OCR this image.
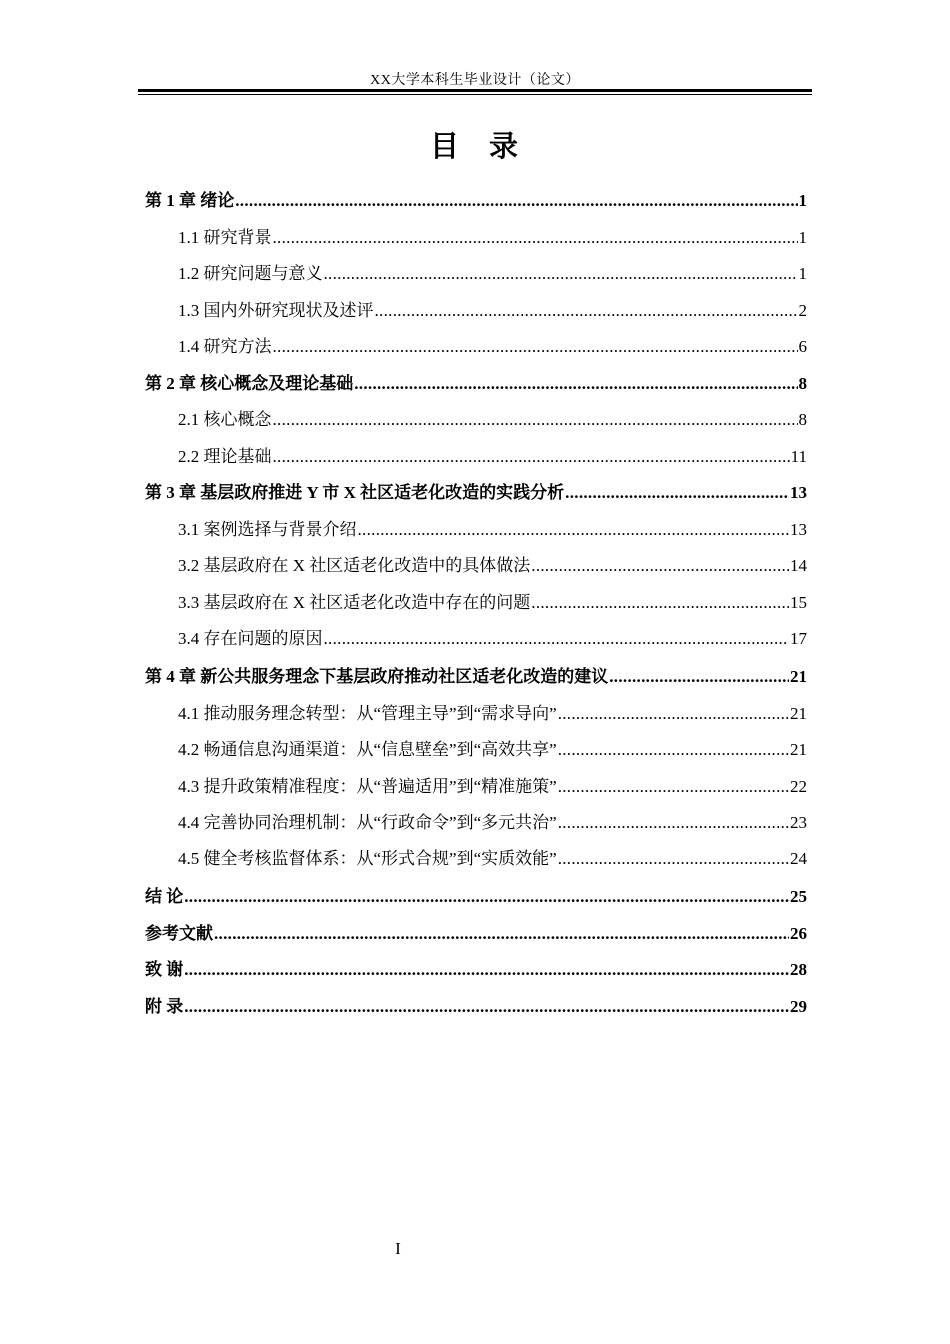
XX大学本科生毕业设计（论文）
目 录
第 1 章 绪论 .....	1
1.1 研究背景 .....	1
1.2 研究问题与意义 .....	1
1.3 国内外研究现状及述评 .....	2
1.4 研究方法 .....	6
第 2 章 核心概念及理论基础 .....	8
2.1 核心概念 .....	8
2.2 理论基础 .....	11
第 3 章 基层政府推进 Y 市 X 社区适老化改造的实践分析 .....	13
3.1 案例选择与背景介绍 .....	13
3.2 基层政府在 X 社区适老化改造中的具体做法 .....	14
3.3 基层政府在 X 社区适老化改造中存在的问题 .....	15
3.4 存在问题的原因 .....	17
第 4 章 新公共服务理念下基层政府推动社区适老化改造的建议 .....	21
4.1 推动服务理念转型：从“管理主导”到“需求导向” .....	21
4.2 畅通信息沟通渠道：从“信息壁垒”到“高效共享” .....	21
4.3 提升政策精准程度：从“普遍适用”到“精准施策” .....	22
4.4 完善协同治理机制：从“行政命令”到“多元共治” .....	23
4.5 健全考核监督体系：从“形式合规”到“实质效能” .....	24
结 论 .....	25
参考文献 .....	26
致 谢 .....	28
附 录 .....	29
I
